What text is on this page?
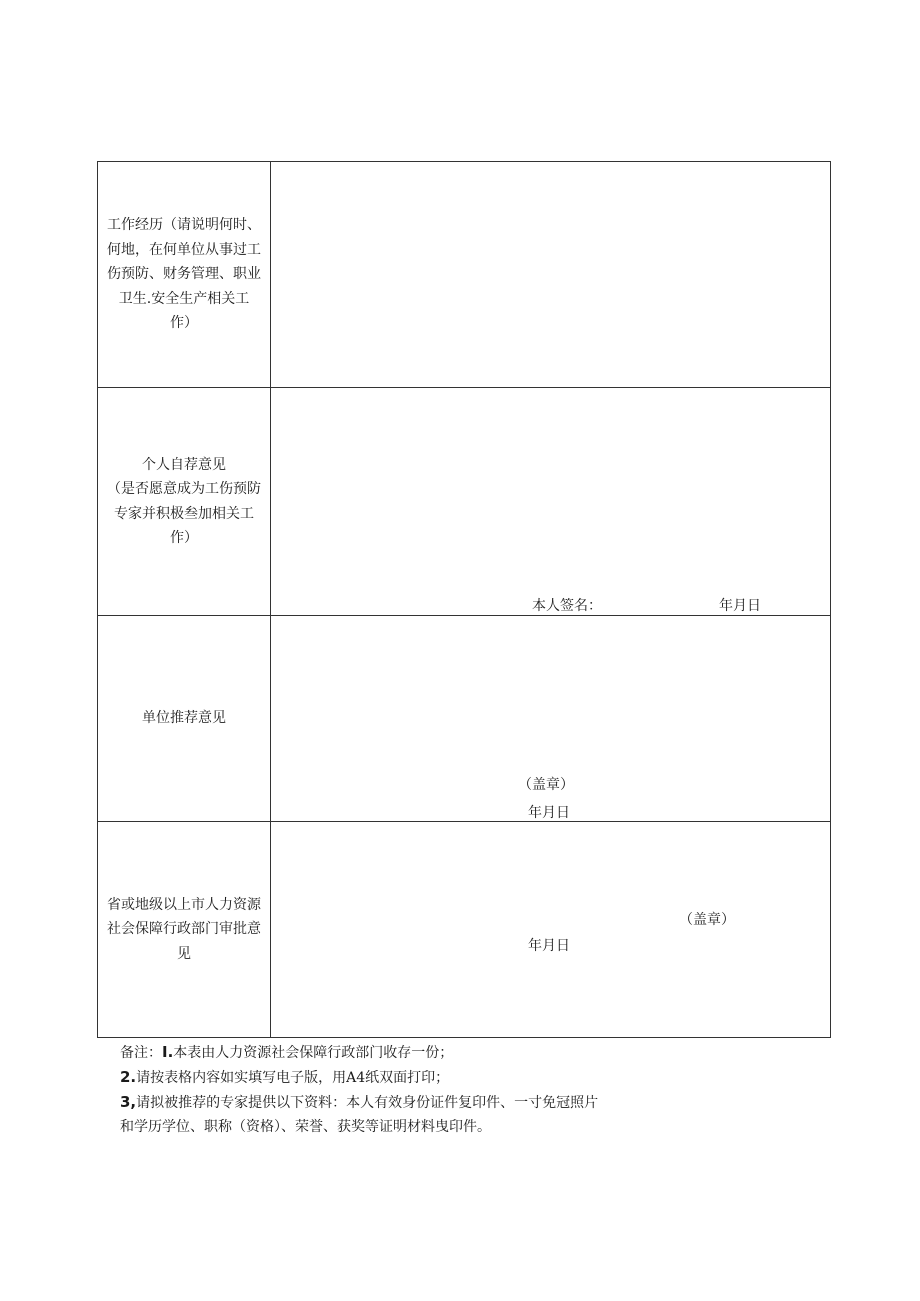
工作经历（请说明何时、
何地，在何单位从事过工
伤预防、财务管理、职业
卫生.安全生产相关工
作）
个人自荐意见
（是否愿意成为工伤预防
专家并积极叁加相关工
作）
本人签名：	年月日
单位推荐意见
（盖章）
年月日
省或地级以上市人力资源
社会保障行政部门审批意
见
（盖章）
年月日
备注：I.本表由人力资源社会保障行政部门收存一份；
2.请按表格内容如实填写电子版，用A4纸双面打印；
3,请拟被推荐的专家提供以下资料：本人有效身份证件复印件、一寸免冠照片
和学历学位、职称（资格）、荣誉、获奖等证明材料曳印件。
